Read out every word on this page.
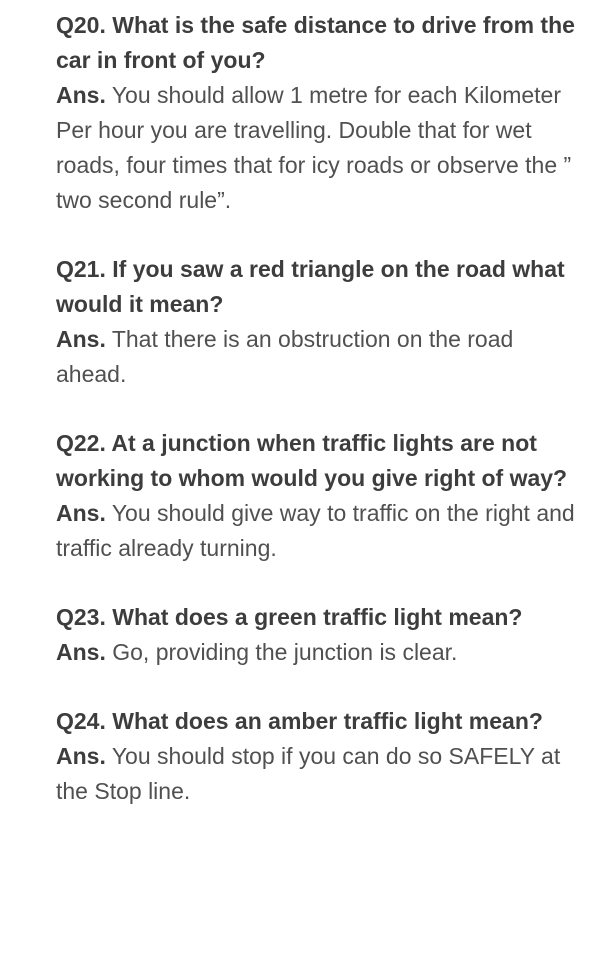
Q20. What is the safe distance to drive from the car in front of you?

Ans. You should allow 1 metre for each Kilometer Per hour you are travelling. Double that for wet roads, four times that for icy roads or observe the ” two second rule”.

Q21. If you saw a red triangle on the road what would it mean?

Ans. That there is an obstruction on the road ahead.

Q22. At a junction when traffic lights are not working to whom would you give right of way?

Ans. You should give way to traffic on the right and traffic already turning.

Q23. What does a green traffic light mean?

Ans. Go, providing the junction is clear.

Q24. What does an amber traffic light mean?

Ans. You should stop if you can do so SAFELY at the Stop line.
